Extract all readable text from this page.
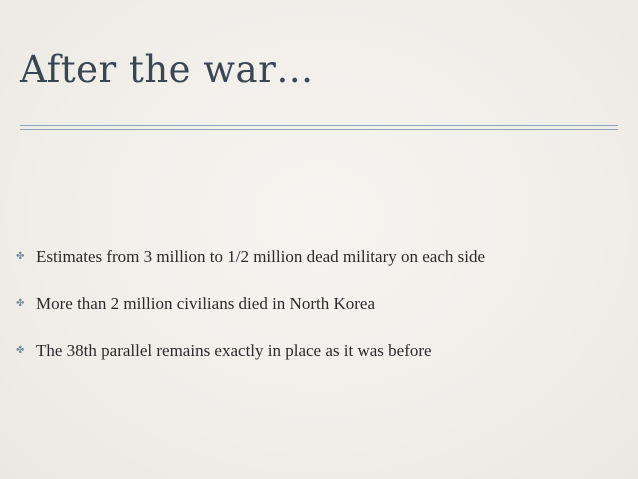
After the war…
✤ Estimates from 3 million to 1/2 million dead military on each side
✤ More than 2 million civilians died in North Korea
✤ The 38th parallel remains exactly in place as it was before
